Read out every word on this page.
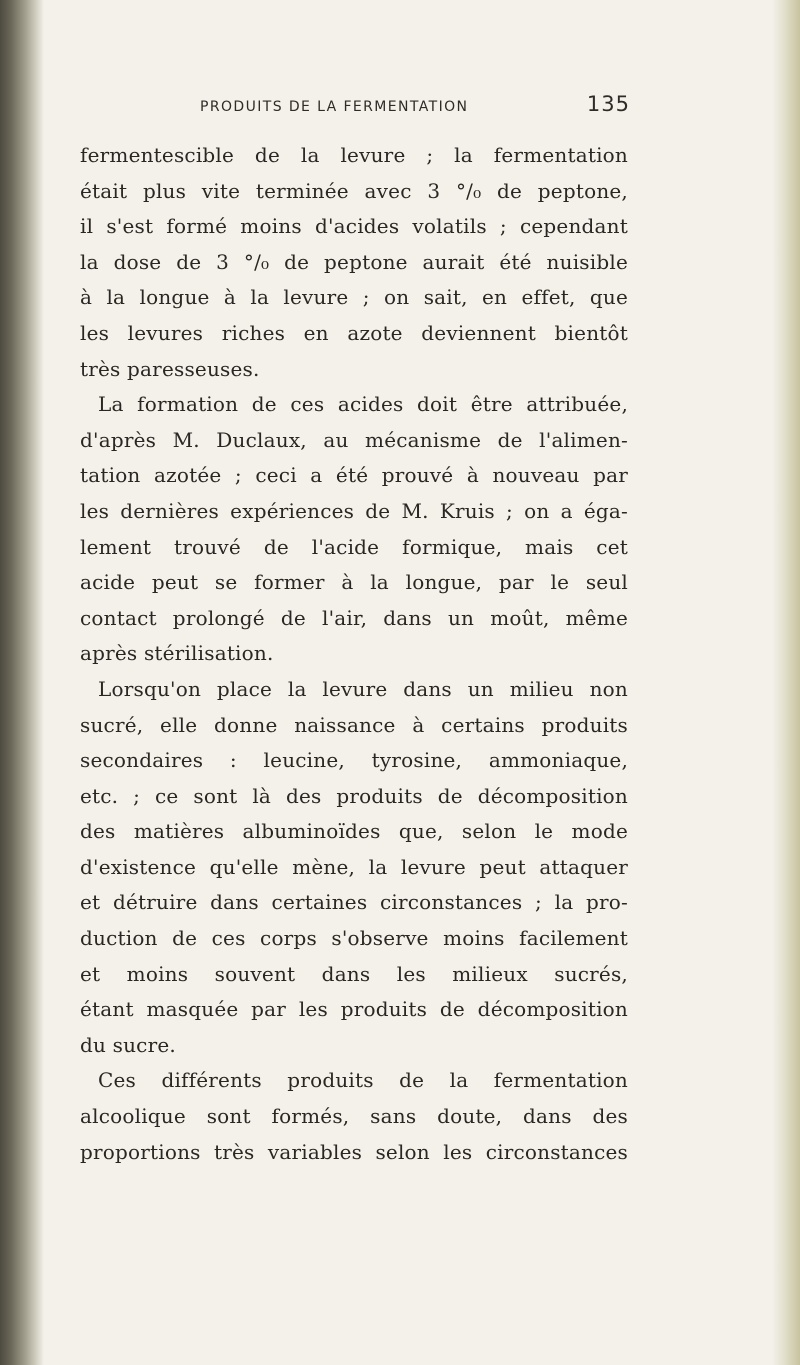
PRODUITS DE LA FERMENTATION	135
fermentescible de la levure ; la fermentation
était plus vite terminée avec 3 °/₀ de peptone,
il s'est formé moins d'acides volatils ; cependant
la dose de 3 °/₀ de peptone aurait été nuisible
à la longue à la levure ; on sait, en effet, que
les levures riches en azote deviennent bientôt
très paresseuses.
La formation de ces acides doit être attribuée,
d'après M. Duclaux, au mécanisme de l'alimen-
tation azotée ; ceci a été prouvé à nouveau par
les dernières expériences de M. Kruis ; on a éga-
lement trouvé de l'acide formique, mais cet
acide peut se former à la longue, par le seul
contact prolongé de l'air, dans un moût, même
après stérilisation.
Lorsqu'on place la levure dans un milieu non
sucré, elle donne naissance à certains produits
secondaires : leucine, tyrosine, ammoniaque,
etc. ; ce sont là des produits de décomposition
des matières albuminoïdes que, selon le mode
d'existence qu'elle mène, la levure peut attaquer
et détruire dans certaines circonstances ; la pro-
duction de ces corps s'observe moins facilement
et moins souvent dans les milieux sucrés,
étant masquée par les produits de décomposition
du sucre.
Ces différents produits de la fermentation
alcoolique sont formés, sans doute, dans des
proportions très variables selon les circonstances
